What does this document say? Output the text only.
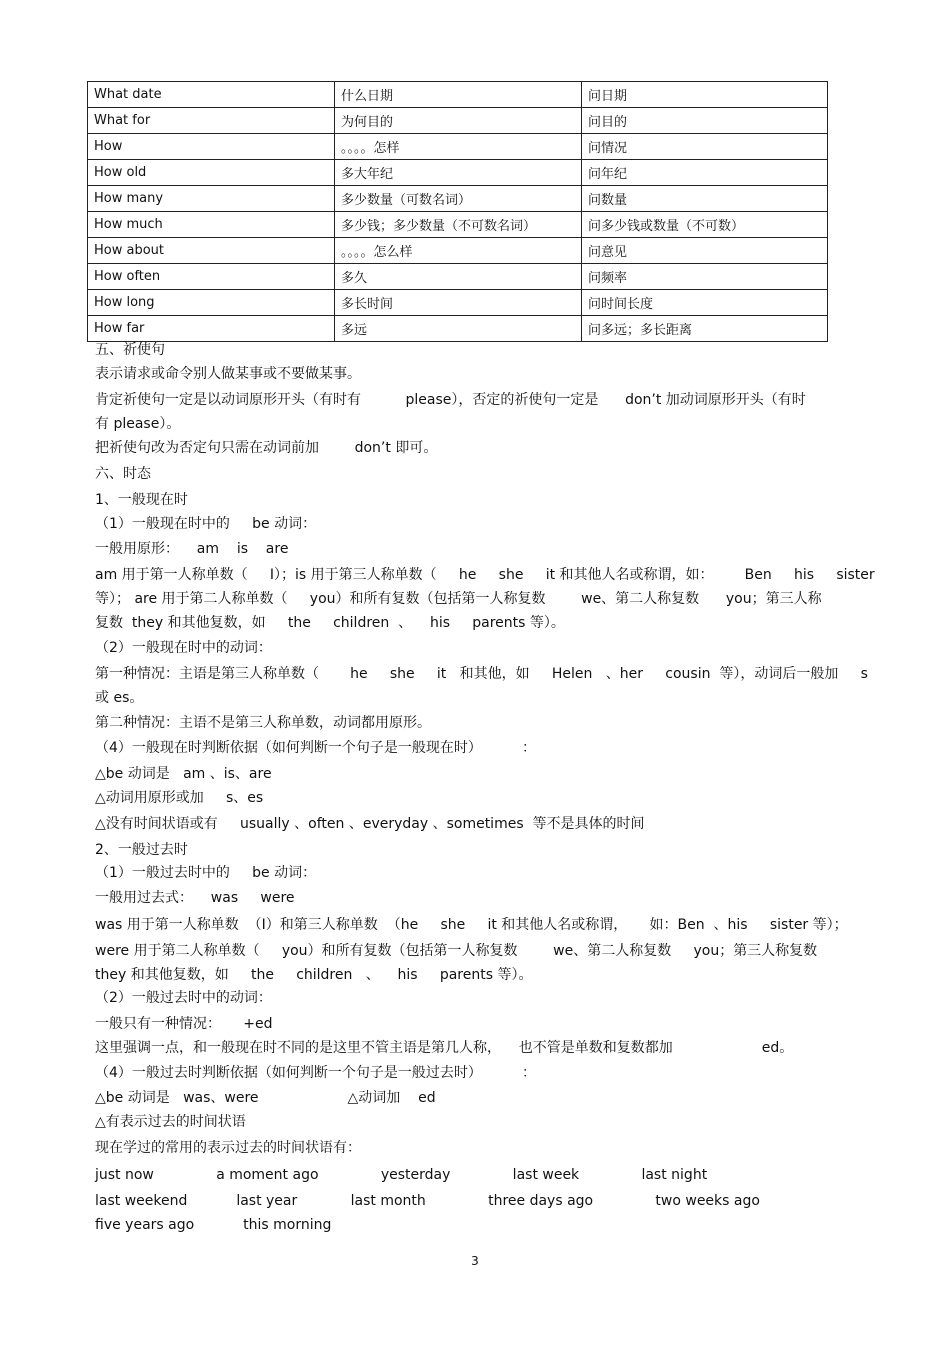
What date	什么日期	问日期
What for	为何目的	问目的
How	。。。。怎样	问情况
How old	多大年纪	问年纪
How many	多少数量（可数名词）	问数量
How much	多少钱；多少数量（不可数名词）	问多少钱或数量（不可数）
How about	。。。。怎么样	问意见
How often	多久	问频率
How long	多长时间	问时间长度
How far	多远	问多远；多长距离
五、祈使句
表示请求或命令别人做某事或不要做某事。
肯定祈使句一定是以动词原形开头（有时有          please），否定的祈使句一定是      don’t 加动词原形开头（有时
有 please）。
把祈使句改为否定句只需在动词前加        don’t 即可。
六、时态
1、一般现在时
（1）一般现在时中的     be 动词：
一般用原形：    am    is    are
am 用于第一人称单数（     I）；is 用于第三人称单数（     he     she     it 和其他人名或称谓，如：       Ben     his     sister
等）； are 用于第二人称单数（     you）和所有复数（包括第一人称复数        we、第二人称复数      you；第三人称
复数  they 和其他复数，如     the     children  、    his     parents 等）。
（2）一般现在时中的动词：
第一种情况：主语是第三人称单数（       he     she     it   和其他，如     Helen   、her     cousin  等），动词后一般加     s
或 es。
第二种情况：主语不是第三人称单数，动词都用原形。
（4）一般现在时判断依据（如何判断一个句子是一般现在时）         ：
△be 动词是   am 、is、are
△动词用原形或加     s、es
△没有时间状语或有     usually 、often 、everyday 、sometimes  等不是具体的时间
2、一般过去时
（1）一般过去时中的     be 动词：
一般用过去式：    was     were
was 用于第一人称单数  （I）和第三人称单数  （he     she     it 和其他人名或称谓，     如：Ben  、his     sister 等）；
were 用于第二人称单数（     you）和所有复数（包括第一人称复数        we、第二人称复数     you；第三人称复数
they 和其他复数，如     the     children   、    his     parents 等）。
（2）一般过去时中的动词：
一般只有一种情况：     +ed
这里强调一点，和一般现在时不同的是这里不管主语是第几人称，    也不管是单数和复数都加                    ed。
（4）一般过去时判断依据（如何判断一个句子是一般过去时）         ：
△be 动词是   was、were                    △动词加    ed
△有表示过去的时间状语
现在学过的常用的表示过去的时间状语有：
just now              a moment ago              yesterday              last week              last night
last weekend           last year            last month              three days ago              two weeks ago
five years ago           this morning
3
